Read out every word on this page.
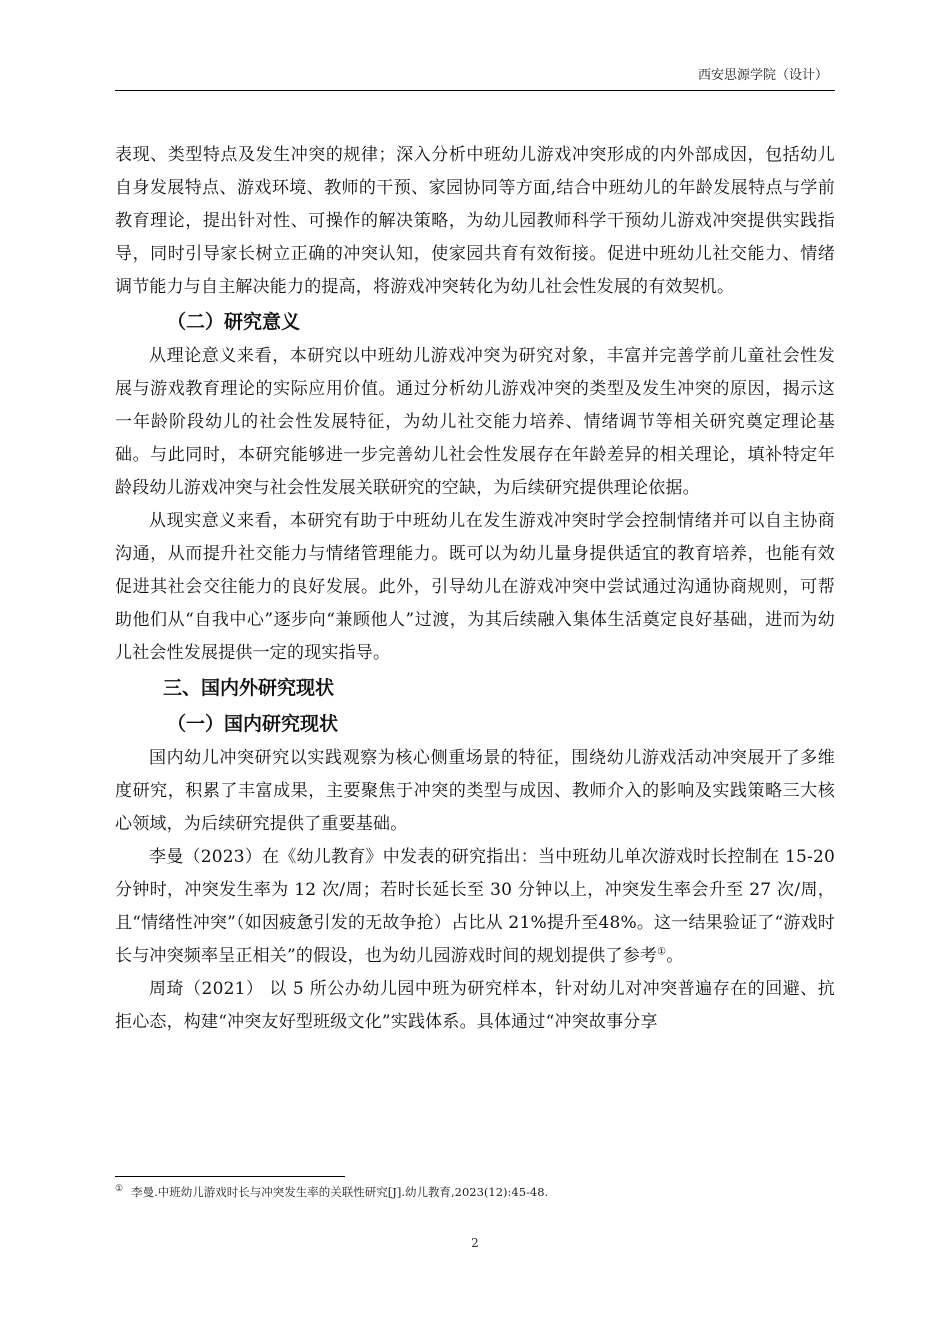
西安思源学院（设计）

表现、类型特点及发生冲突的规律；深入分析中班幼儿游戏冲突形成的内外部成因，包括幼儿自身发展特点、游戏环境、教师的干预、家园协同等方面,结合中班幼儿的年龄发展特点与学前教育理论，提出针对性、可操作的解决策略，为幼儿园教师科学干预幼儿游戏冲突提供实践指导，同时引导家长树立正确的冲突认知，使家园共育有效衔接。促进中班幼儿社交能力、情绪调节能力与自主解决能力的提高，将游戏冲突转化为幼儿社会性发展的有效契机。

（二）研究意义

从理论意义来看，本研究以中班幼儿游戏冲突为研究对象，丰富并完善学前儿童社会性发展与游戏教育理论的实际应用价值。通过分析幼儿游戏冲突的类型及发生冲突的原因，揭示这一年龄阶段幼儿的社会性发展特征，为幼儿社交能力培养、情绪调节等相关研究奠定理论基础。与此同时，本研究能够进一步完善幼儿社会性发展存在年龄差异的相关理论，填补特定年龄段幼儿游戏冲突与社会性发展关联研究的空缺，为后续研究提供理论依据。

从现实意义来看，本研究有助于中班幼儿在发生游戏冲突时学会控制情绪并可以自主协商沟通，从而提升社交能力与情绪管理能力。既可以为幼儿量身提供适宜的教育培养，也能有效促进其社会交往能力的良好发展。此外，引导幼儿在游戏冲突中尝试通过沟通协商规则，可帮助他们从“自我中心”逐步向“兼顾他人”过渡，为其后续融入集体生活奠定良好基础，进而为幼儿社会性发展提供一定的现实指导。

三、国内外研究现状

（一）国内研究现状

国内幼儿冲突研究以实践观察为核心侧重场景的特征，围绕幼儿游戏活动冲突展开了多维度研究，积累了丰富成果，主要聚焦于冲突的类型与成因、教师介入的影响及实践策略三大核心领域，为后续研究提供了重要基础。

李曼（2023）在《幼儿教育》中发表的研究指出：当中班幼儿单次游戏时长控制在 15-20 分钟时，冲突发生率为 12 次/周；若时长延长至 30 分钟以上，冲突发生率会升至 27 次/周，且“情绪性冲突”（如因疲惫引发的无故争抢）占比从 21%提升至48%。这一结果验证了“游戏时长与冲突频率呈正相关”的假设，也为幼儿园游戏时间的规划提供了参考①。

周琦（2021） 以 5 所公办幼儿园中班为研究样本，针对幼儿对冲突普遍存在的回避、抗拒心态，构建“冲突友好型班级文化”实践体系。具体通过“冲突故事分享

① 李曼.中班幼儿游戏时长与冲突发生率的关联性研究[J].幼儿教育,2023(12):45-48.
2
